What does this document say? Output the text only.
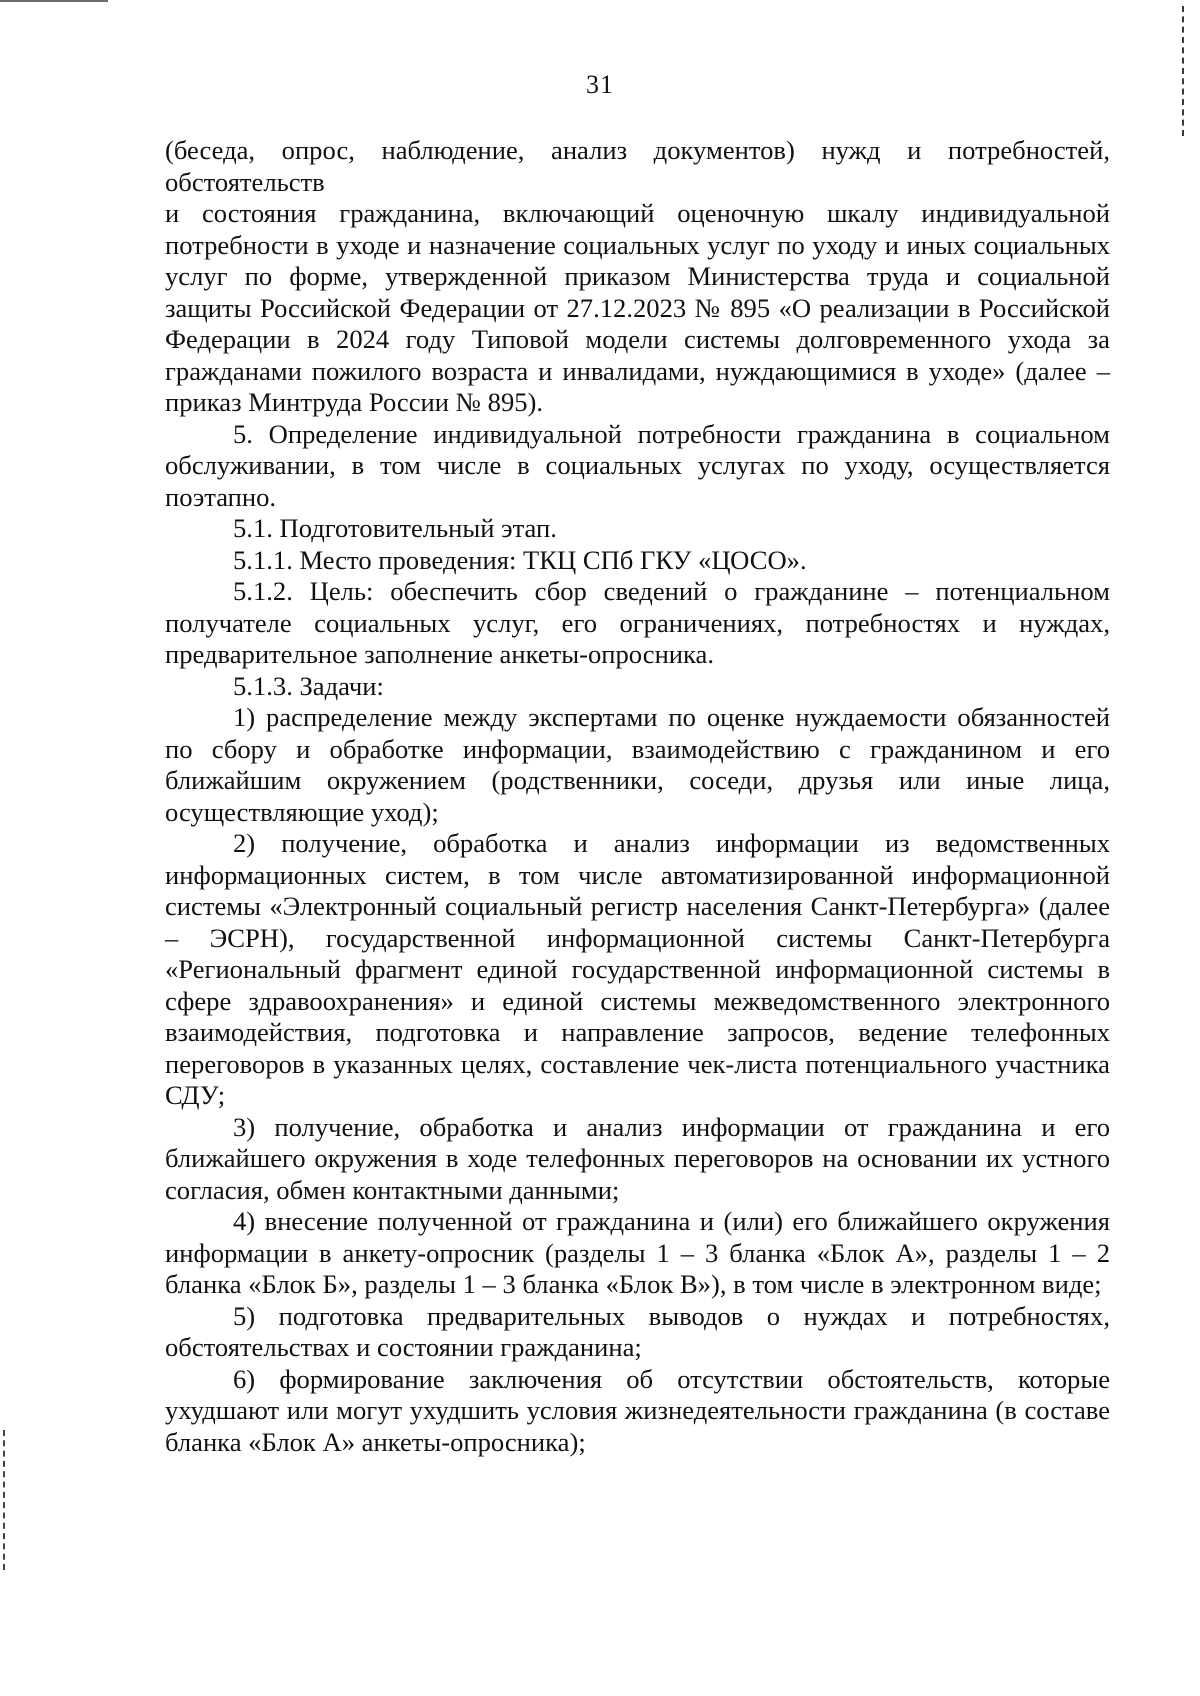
31

(беседа, опрос, наблюдение, анализ документов) нужд и потребностей, обстоятельств

и состояния гражданина, включающий оценочную шкалу индивидуальной потребности в уходе и назначение социальных услуг по уходу и иных социальных услуг по форме, утвержденной приказом Министерства труда и социальной защиты Российской Федерации от 27.12.2023 № 895 «О реализации в Российской Федерации в 2024 году Типовой модели системы долговременного ухода за гражданами пожилого возраста и инвалидами, нуждающимися в уходе» (далее – приказ Минтруда России № 895).

5. Определение индивидуальной потребности гражданина в социальном обслуживании, в том числе в социальных услугах по уходу, осуществляется поэтапно.

5.1. Подготовительный этап.

5.1.1. Место проведения: ТКЦ СПб ГКУ «ЦОСО».

5.1.2. Цель: обеспечить сбор сведений о гражданине – потенциальном получателе социальных услуг, его ограничениях, потребностях и нуждах, предварительное заполнение анкеты-опросника.

5.1.3. Задачи:

1) распределение между экспертами по оценке нуждаемости обязанностей по сбору и обработке информации, взаимодействию с гражданином и его ближайшим окружением (родственники, соседи, друзья или иные лица, осуществляющие уход);

2) получение, обработка и анализ информации из ведомственных информационных систем, в том числе автоматизированной информационной системы «Электронный социальный регистр населения Санкт-Петербурга» (далее – ЭСРН), государственной информационной системы Санкт-Петербурга «Региональный фрагмент единой государственной информационной системы в сфере здравоохранения» и единой системы межведомственного электронного взаимодействия, подготовка и направление запросов, ведение телефонных переговоров в указанных целях, составление чек-листа потенциального участника СДУ;

3) получение, обработка и анализ информации от гражданина и его ближайшего окружения в ходе телефонных переговоров на основании их устного согласия, обмен контактными данными;

4) внесение полученной от гражданина и (или) его ближайшего окружения информации в анкету-опросник (разделы 1 – 3 бланка «Блок А», разделы 1 – 2 бланка «Блок Б», разделы 1 – 3 бланка «Блок В»), в том числе в электронном виде;

5) подготовка предварительных выводов о нуждах и потребностях, обстоятельствах и состоянии гражданина;

6) формирование заключения об отсутствии обстоятельств, которые ухудшают или могут ухудшить условия жизнедеятельности гражданина (в составе бланка «Блок А» анкеты-опросника);
